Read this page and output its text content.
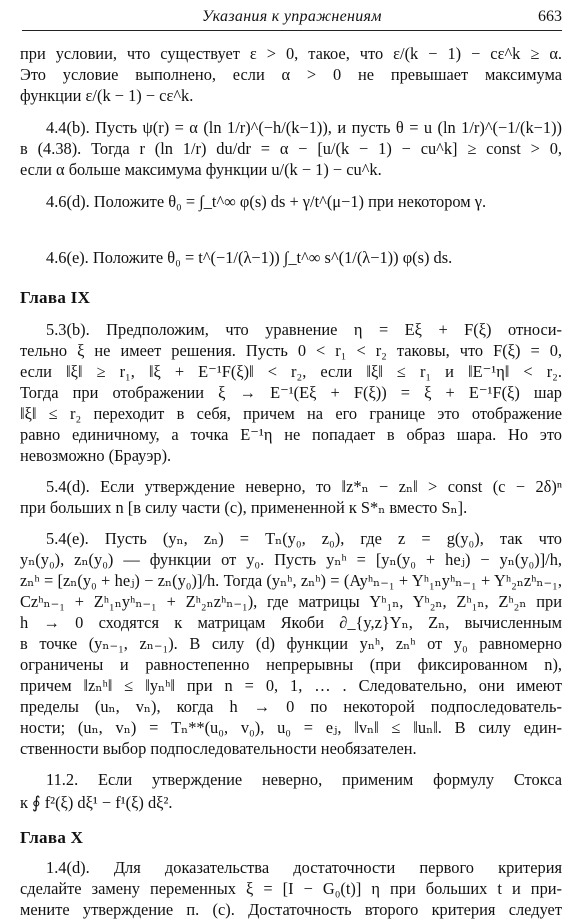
Указания к упражнениям	663
при условии, что существует ε > 0, такое, что ε/(k − 1) − cε^k ≥ α.
Это условие выполнено, если α > 0 не превышает максимума
функции ε/(k − 1) − cε^k.
4.4(b). Пусть ψ(r) = α (ln 1/r)^(−h/(k−1)), и пусть θ = u (ln 1/r)^(−1/(k−1))
в (4.38). Тогда r (ln 1/r) du/dr = α − [u/(k − 1) − cu^k] ≥ const > 0,
если α больше максимума функции u/(k − 1) − cu^k.
4.6(d). Положите θ₀ = ∫_t^∞ φ(s) ds + γ/t^(μ−1) при некотором γ.
4.6(e). Положите θ₀ = t^(−1/(λ−1)) ∫_t^∞ s^(1/(λ−1)) φ(s) ds.
Глава IX
5.3(b). Предположим, что уравнение η = Eξ + F(ξ) относи-
тельно ξ не имеет решения. Пусть 0 < r₁ < r₂ таковы, что F(ξ) = 0,
если ‖ξ‖ ≥ r₁, ‖ξ + E⁻¹F(ξ)‖ < r₂, если ‖ξ‖ ≤ r₁ и ‖E⁻¹η‖ < r₂.
Тогда при отображении ξ → E⁻¹(Eξ + F(ξ)) = ξ + E⁻¹F(ξ) шар
‖ξ‖ ≤ r₂ переходит в себя, причем на его границе это отображение
равно единичному, а точка E⁻¹η не попадает в образ шара. Но это
невозможно (Брауэр).
5.4(d). Если утверждение неверно, то ‖z*ₙ − zₙ‖ > const (c − 2δ)ⁿ
при больших n [в силу части (c), примененной к S*ₙ вместо Sₙ].
5.4(e). Пусть (yₙ, zₙ) = Tₙ(y₀, z₀), где z = g(y₀), так что
yₙ(y₀), zₙ(y₀) — функции от y₀. Пусть yₙʰ = [yₙ(y₀ + heⱼ) − yₙ(y₀)]/h,
zₙʰ = [zₙ(y₀ + heⱼ) − zₙ(y₀)]/h. Тогда (yₙʰ, zₙʰ) = (Ayʰₙ₋₁ + Yʰ₁ₙyʰₙ₋₁ + Yʰ₂ₙzʰₙ₋₁,
Czʰₙ₋₁ + Zʰ₁ₙyʰₙ₋₁ + Zʰ₂ₙzʰₙ₋₁), где матрицы Yʰ₁ₙ, Yʰ₂ₙ, Zʰ₁ₙ, Zʰ₂ₙ при
h → 0 сходятся к матрицам Якоби ∂_{y,z}Yₙ, Zₙ, вычисленным
в точке (yₙ₋₁, zₙ₋₁). В силу (d) функции yₙʰ, zₙʰ от y₀ равномерно
ограничены и равностепенно непрерывны (при фиксированном n),
причем ‖zₙʰ‖ ≤ ‖yₙʰ‖ при n = 0, 1, … . Следовательно, они имеют
пределы (uₙ, vₙ), когда h → 0 по некоторой подпоследователь-
ности; (uₙ, vₙ) = Tₙ**(u₀, v₀), u₀ = eⱼ, ‖vₙ‖ ≤ ‖uₙ‖. В силу един-
ственности выбор подпоследовательности необязателен.
11.2. Если утверждение неверно, применим формулу Стокса
к ∮ f²(ξ) dξ¹ − f¹(ξ) dξ².
Глава X
1.4(d). Для доказательства достаточности первого критерия
сделайте замену переменных ξ = [I − G₀(t)] η при больших t и при-
мените утверждение п. (c). Достаточность второго критерия следует
